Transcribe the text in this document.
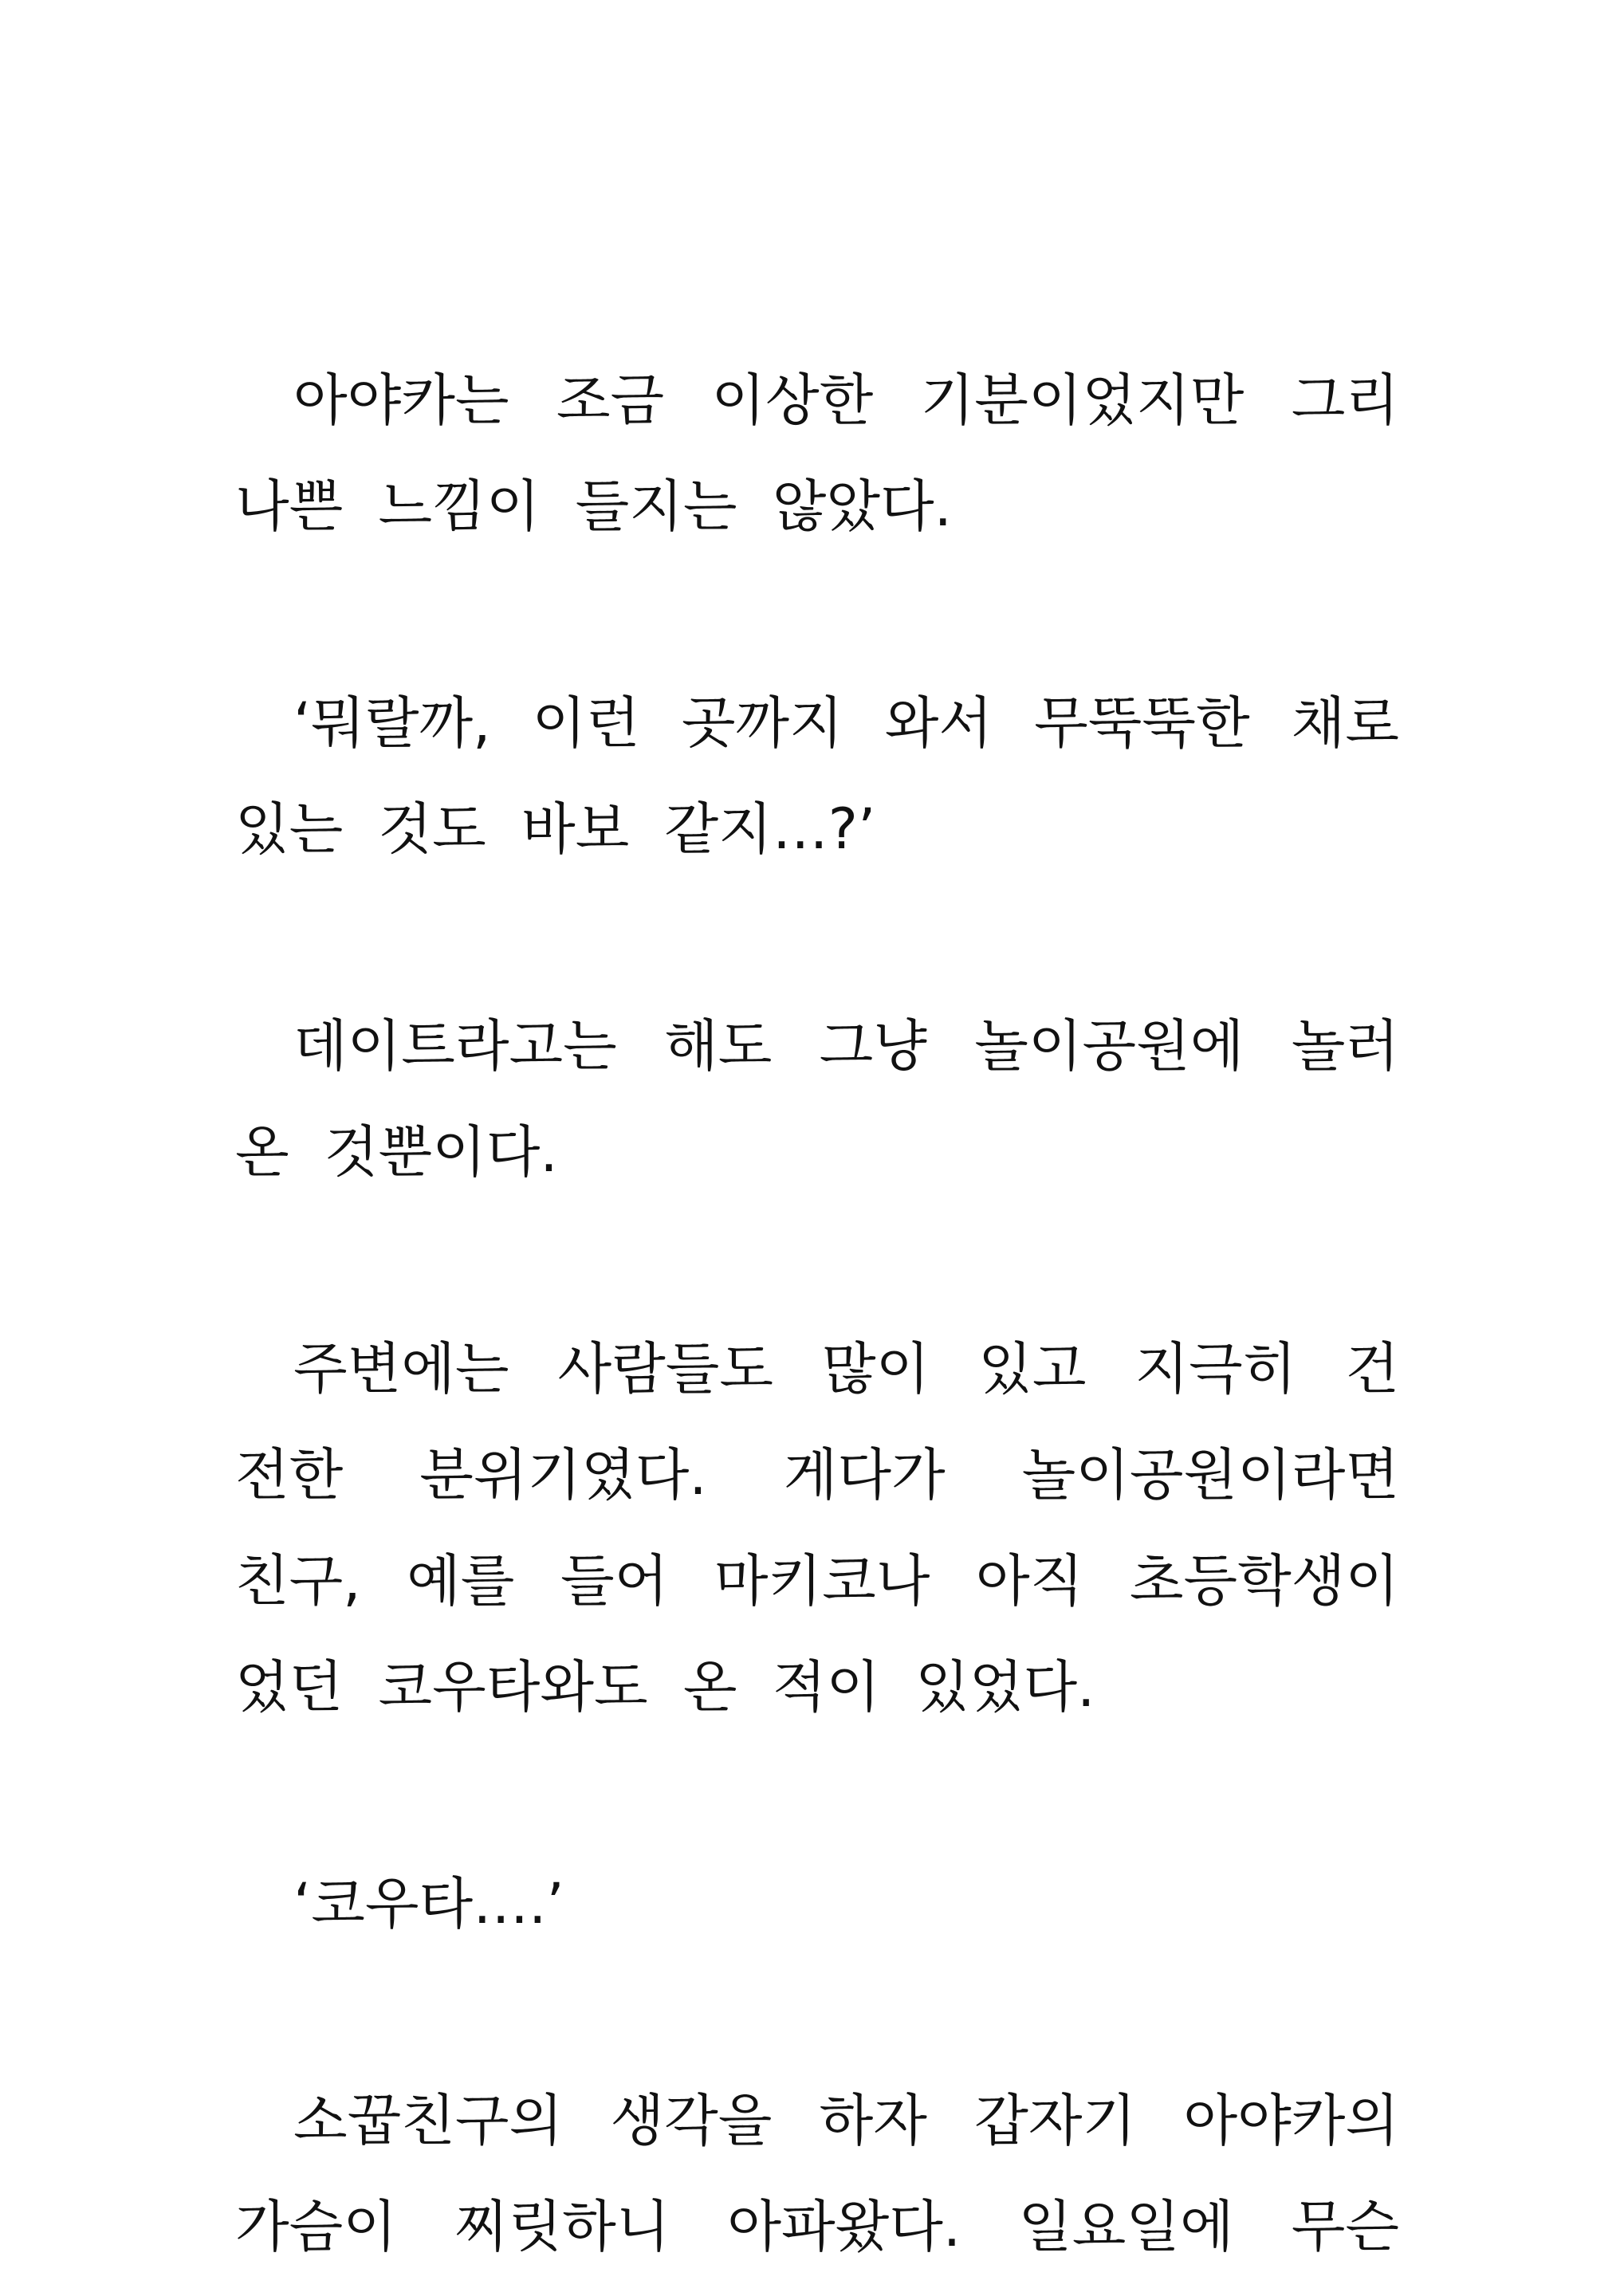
아야카는 조금 이상한 기분이었지만 그리
나쁜 느낌이 들지는 않았다.
‘뭐랄까, 이런 곳까지 와서 무뚝뚝한 채로
있는 것도 바보 같지…?’
데이트라고는 해도 그냥 놀이공원에 놀러
온 것뿐이다.
주변에는 사람들도 많이 있고 지극히 건
전한 분위기였다. 게다가 놀이공원이라면
친구, 예를 들어 마키코나 아직 초등학생이
었던 코우타와도 온 적이 있었다.
‘코우타….’
소꿉친구의 생각을 하자 갑자기 아야카의
가슴이 찌릿하니 아파왔다. 일요일에 무슨
